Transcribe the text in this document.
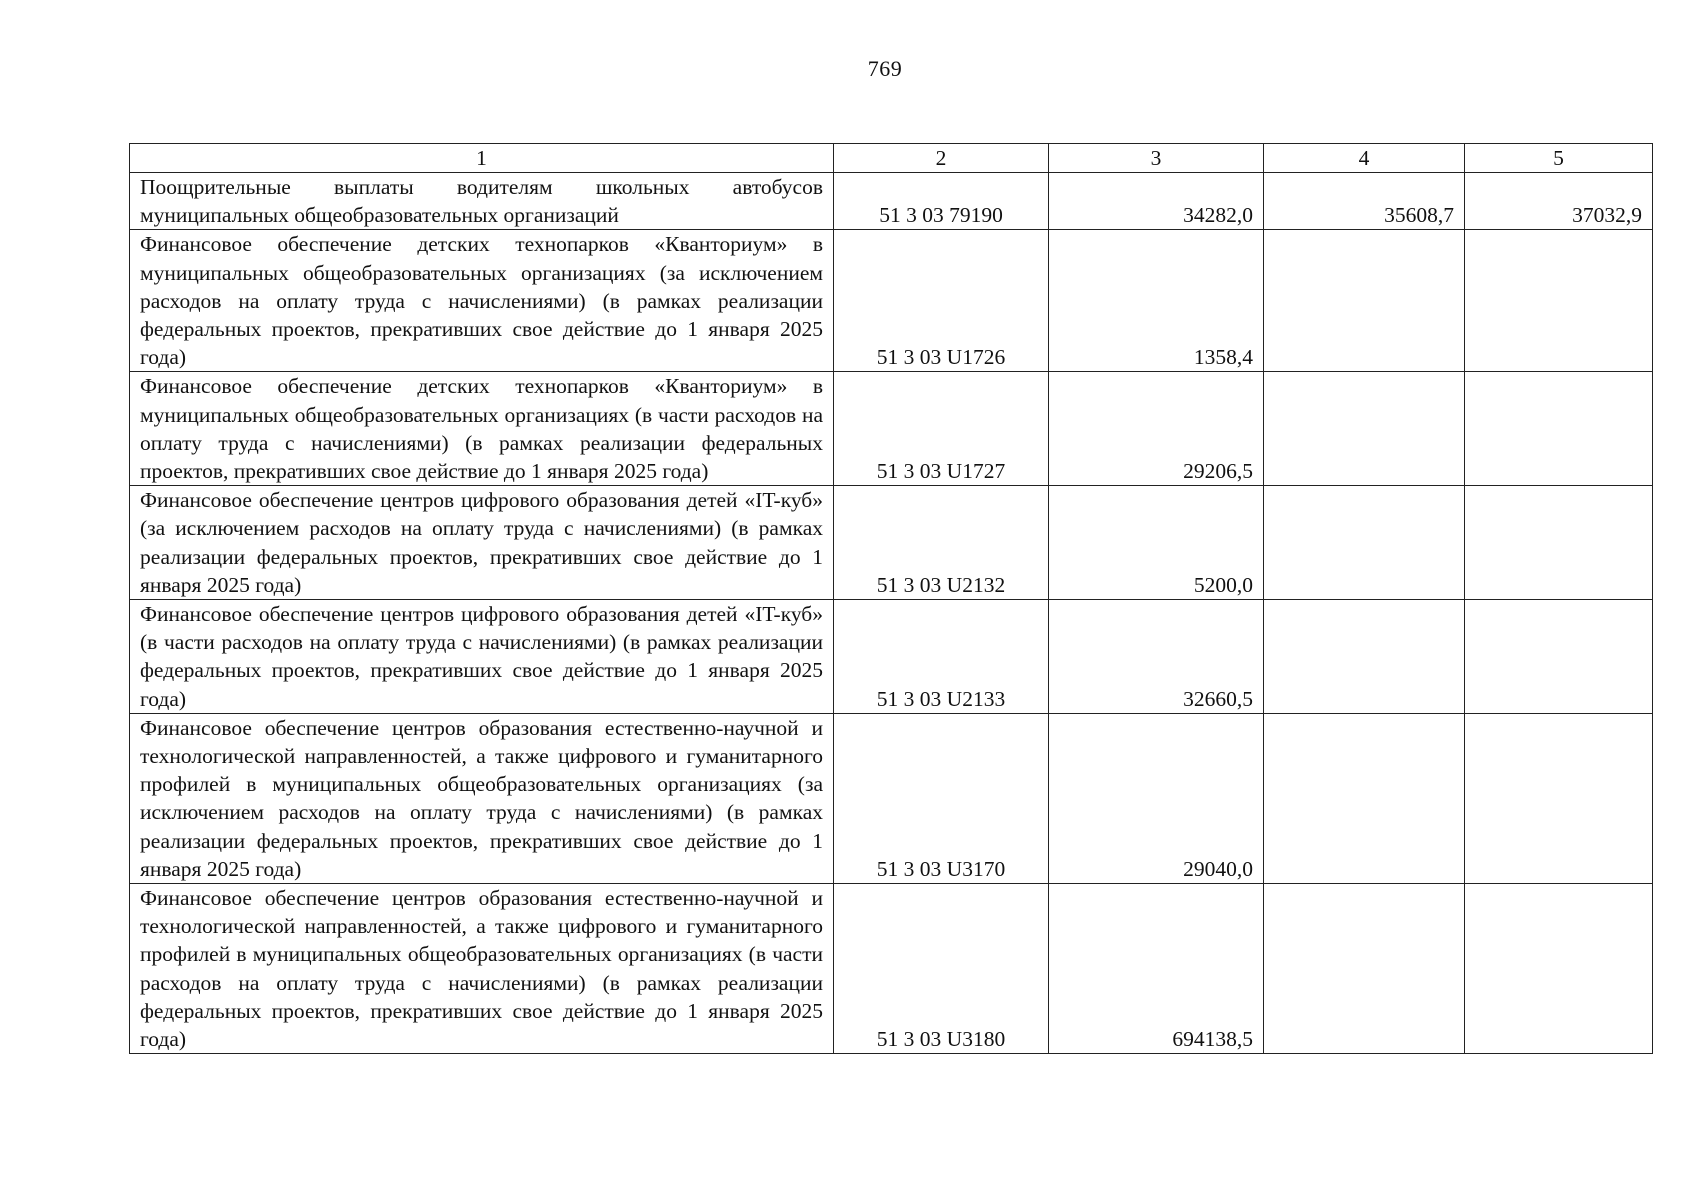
769
1	2	3	4	5
Поощрительные выплаты водителям школьных автобусов муниципальных общеобразовательных организаций	51 3 03 79190	34282,0	35608,7	37032,9
Финансовое обеспечение детских технопарков «Кванториум» в муниципальных общеобразовательных организациях (за исключением расходов на оплату труда с начислениями) (в рамках реализации федеральных проектов, прекративших свое действие до 1 января 2025 года)	51 3 03 U1726	1358,4		
Финансовое обеспечение детских технопарков «Кванториум» в муниципальных общеобразовательных организациях (в части расходов на оплату труда с начислениями) (в рамках реализации федеральных проектов, прекративших свое действие до 1 января 2025 года)	51 3 03 U1727	29206,5		
Финансовое обеспечение центров цифрового образования детей «IT-куб» (за исключением расходов на оплату труда с начислениями) (в рамках реализации федеральных проектов, прекративших свое действие до 1 января 2025 года)	51 3 03 U2132	5200,0		
Финансовое обеспечение центров цифрового образования детей «IT-куб» (в части расходов на оплату труда с начислениями) (в рамках реализации федеральных проектов, прекративших свое действие до 1 января 2025 года)	51 3 03 U2133	32660,5		
Финансовое обеспечение центров образования естественно-научной и технологической направленностей, а также цифрового и гуманитарного профилей в муниципальных общеобразовательных организациях (за исключением расходов на оплату труда с начислениями) (в рамках реализации федеральных проектов, прекративших свое действие до 1 января 2025 года)	51 3 03 U3170	29040,0		
Финансовое обеспечение центров образования естественно-научной и технологической направленностей, а также цифрового и гуманитарного профилей в муниципальных общеобразовательных организациях (в части расходов на оплату труда с начислениями) (в рамках реализации федеральных проектов, прекративших свое действие до 1 января 2025 года)	51 3 03 U3180	694138,5		
